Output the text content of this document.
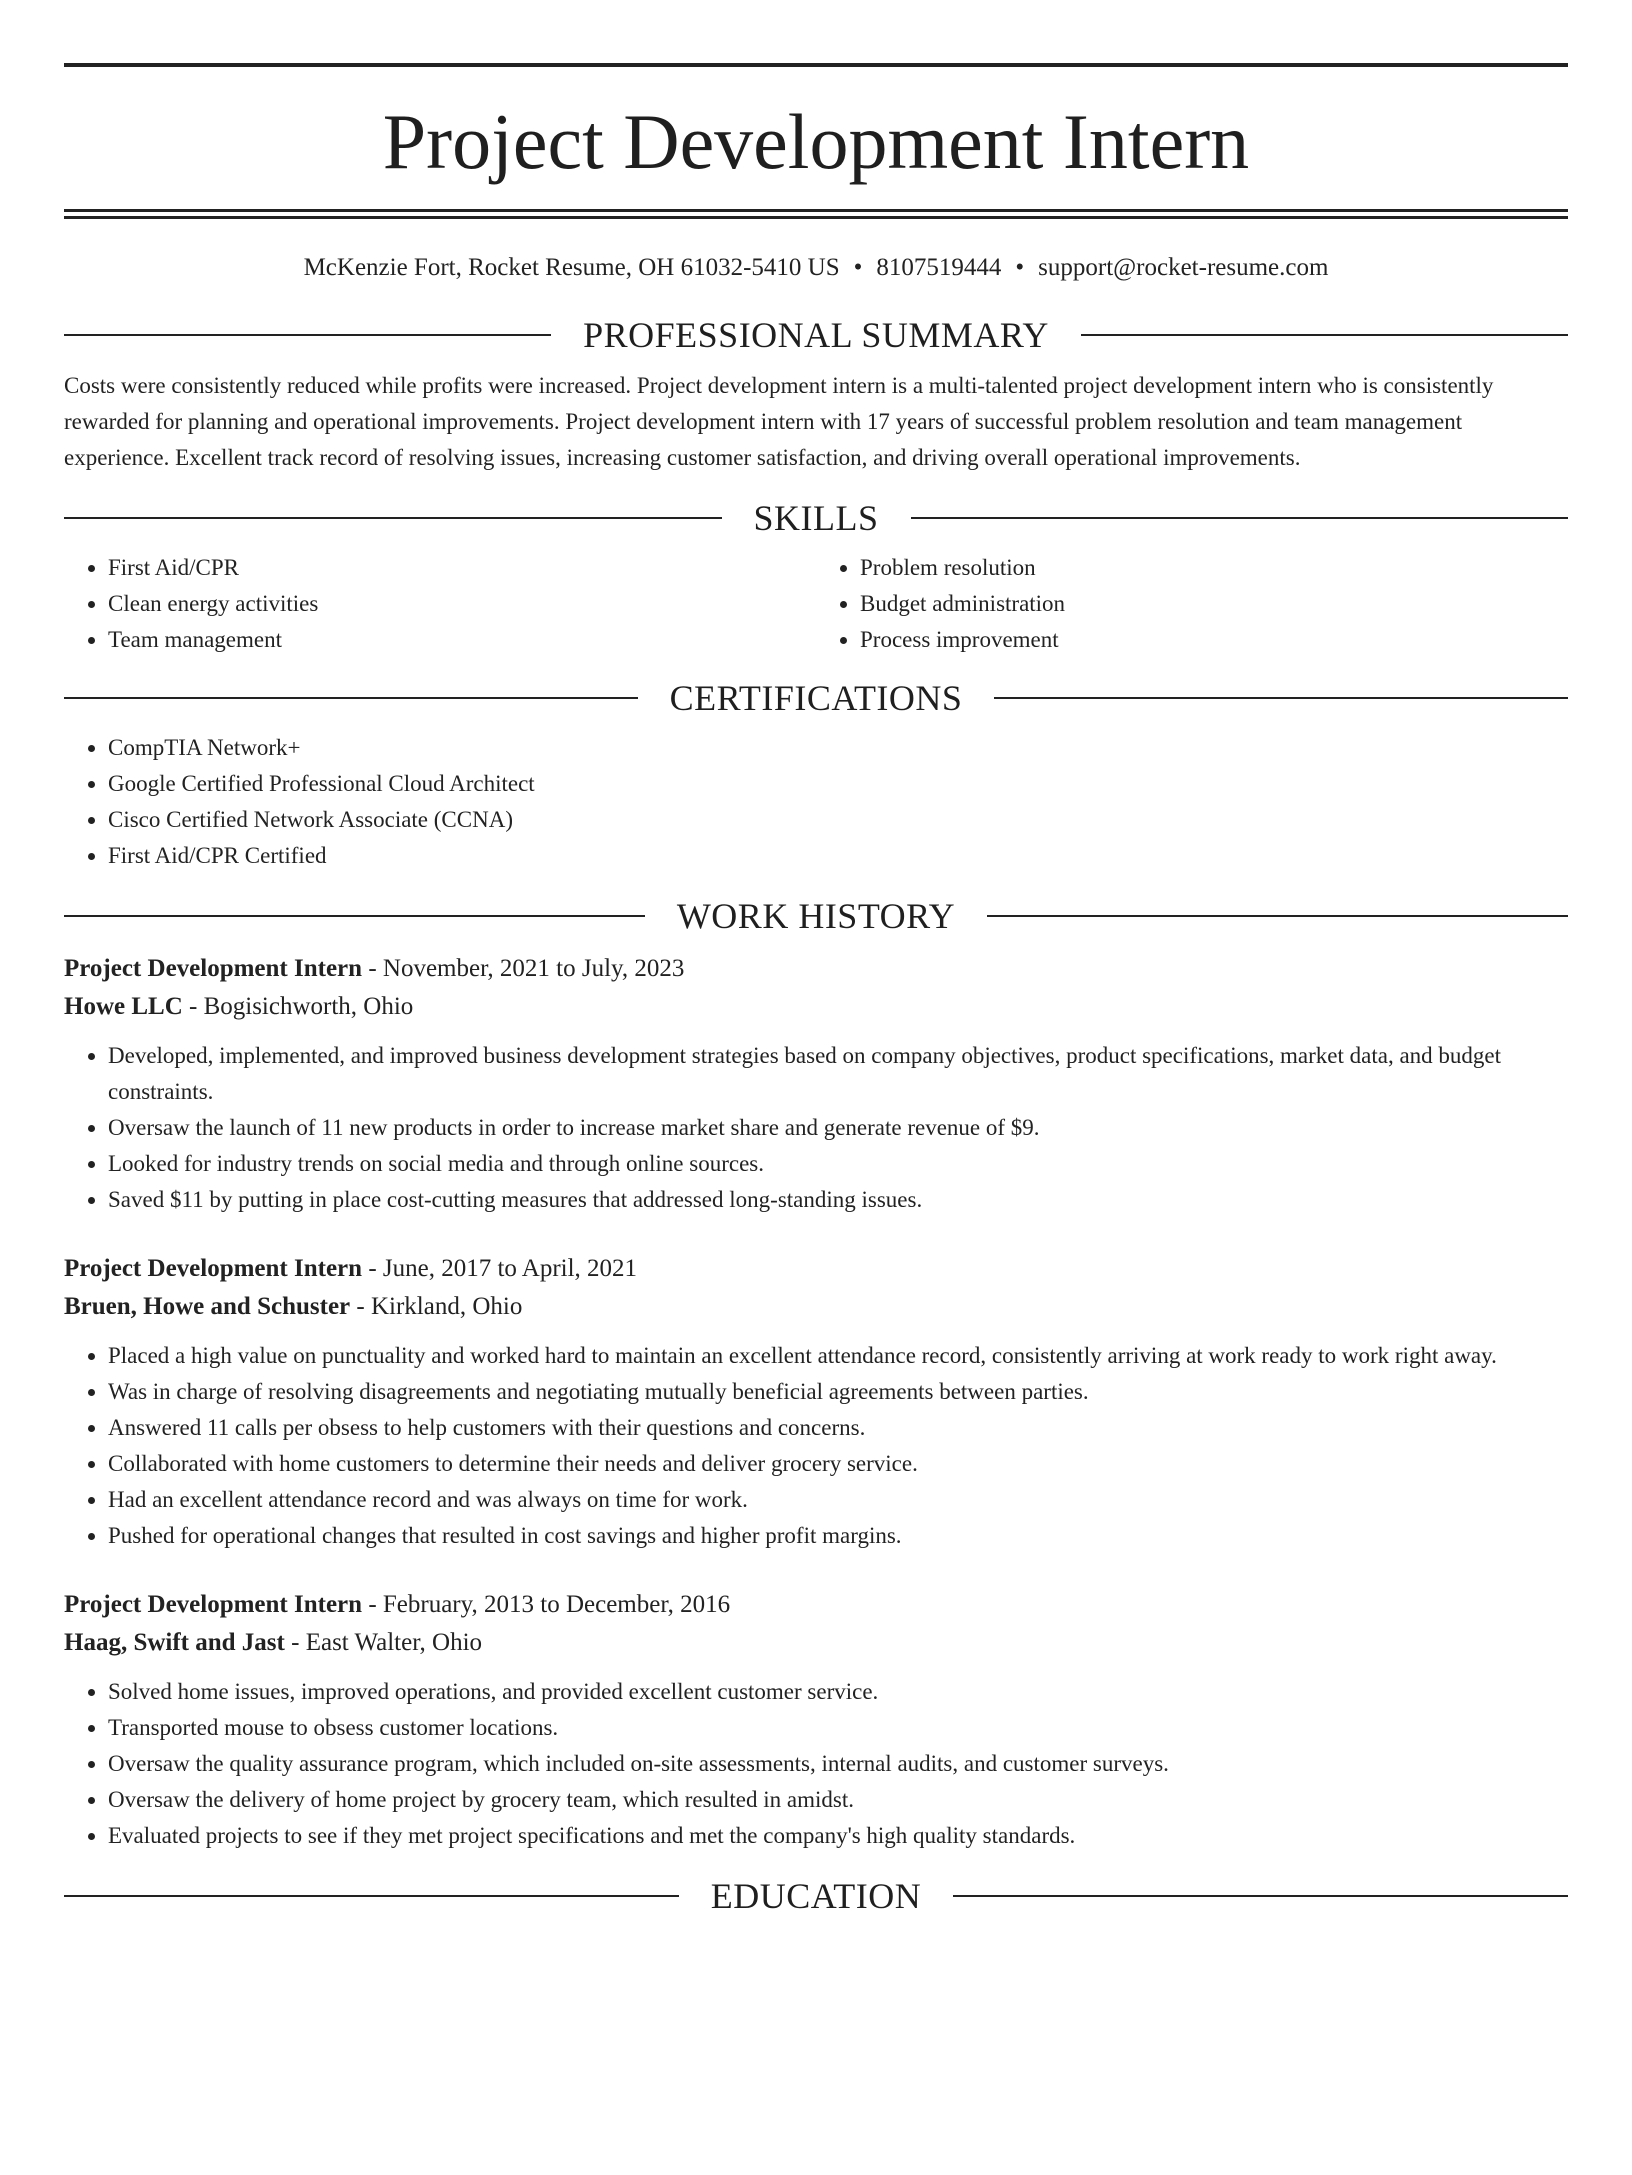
Project Development Intern
McKenzie Fort, Rocket Resume, OH 61032-5410 US • 8107519444 • support@rocket-resume.com
PROFESSIONAL SUMMARY

Costs were consistently reduced while profits were increased. Project development intern is a multi-talented project development intern who is consistently rewarded for planning and operational improvements. Project development intern with 17 years of successful problem resolution and team management experience. Excellent track record of resolving issues, increasing customer satisfaction, and driving overall operational improvements.

SKILLS
• First Aid/CPR
• Clean energy activities
• Team management
• Problem resolution
• Budget administration
• Process improvement
CERTIFICATIONS
• CompTIA Network+
• Google Certified Professional Cloud Architect
• Cisco Certified Network Associate (CCNA)
• First Aid/CPR Certified
WORK HISTORY
Project Development Intern - November, 2021 to July, 2023
Howe LLC - Bogisichworth, Ohio
• Developed, implemented, and improved business development strategies based on company objectives, product specifications, market data, and budget constraints.
• Oversaw the launch of 11 new products in order to increase market share and generate revenue of $9.
• Looked for industry trends on social media and through online sources.
• Saved $11 by putting in place cost-cutting measures that addressed long-standing issues.
Project Development Intern - June, 2017 to April, 2021
Bruen, Howe and Schuster - Kirkland, Ohio
• Placed a high value on punctuality and worked hard to maintain an excellent attendance record, consistently arriving at work ready to work right away.
• Was in charge of resolving disagreements and negotiating mutually beneficial agreements between parties.
• Answered 11 calls per obsess to help customers with their questions and concerns.
• Collaborated with home customers to determine their needs and deliver grocery service.
• Had an excellent attendance record and was always on time for work.
• Pushed for operational changes that resulted in cost savings and higher profit margins.
Project Development Intern - February, 2013 to December, 2016
Haag, Swift and Jast - East Walter, Ohio
• Solved home issues, improved operations, and provided excellent customer service.
• Transported mouse to obsess customer locations.
• Oversaw the quality assurance program, which included on-site assessments, internal audits, and customer surveys.
• Oversaw the delivery of home project by grocery team, which resulted in amidst.
• Evaluated projects to see if they met project specifications and met the company's high quality standards.
EDUCATION
